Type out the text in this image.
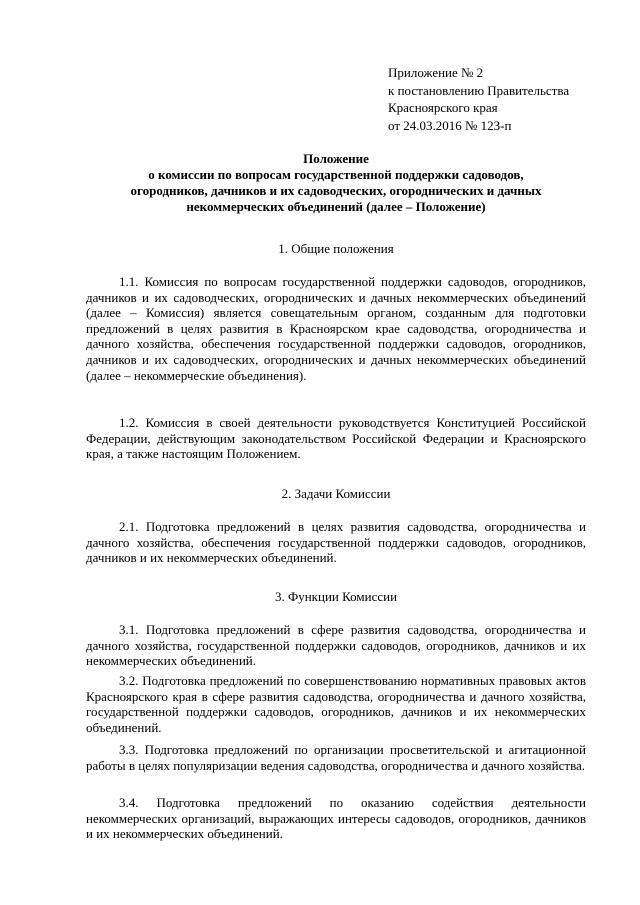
Приложение № 2
к постановлению Правительства
Красноярского края
от 24.03.2016 № 123-п
Положение
о комиссии по вопросам государственной поддержки садоводов,
огородников, дачников и их садоводческих, огороднических и дачных
некоммерческих объединений (далее – Положение)
1. Общие положения

1.1. Комиссия по вопросам государственной поддержки садоводов, огородников, дачников и их садоводческих, огороднических и дачных некоммерческих объединений (далее – Комиссия) является совещательным органом, созданным для подготовки предложений в целях развития в Красноярском крае садоводства, огородничества и дачного хозяйства, обеспечения государственной поддержки садоводов, огородников, дачников и их садоводческих, огороднических и дачных некоммерческих объединений (далее – некоммерческие объединения).

1.2. Комиссия в своей деятельности руководствуется Конституцией Российской Федерации, действующим законодательством Российской Федерации и Красноярского края, а также настоящим Положением.

2. Задачи Комиссии

2.1. Подготовка предложений в целях развития садоводства, огородничества и дачного хозяйства, обеспечения государственной поддержки садоводов, огородников, дачников и их некоммерческих объединений.

3. Функции Комиссии

3.1. Подготовка предложений в сфере развития садоводства, огородничества и дачного хозяйства, государственной поддержки садоводов, огородников, дачников и их некоммерческих объединений.

3.2. Подготовка предложений по совершенствованию нормативных правовых актов Красноярского края в сфере развития садоводства, огородничества и дачного хозяйства, государственной поддержки садоводов, огородников, дачников и их некоммерческих объединений.

3.3. Подготовка предложений по организации просветительской и агитационной работы в целях популяризации ведения садоводства, огородничества и дачного хозяйства.

3.4. Подготовка предложений по оказанию содействия деятельности некоммерческих организаций, выражающих интересы садоводов, огородников, дачников и их некоммерческих объединений.
